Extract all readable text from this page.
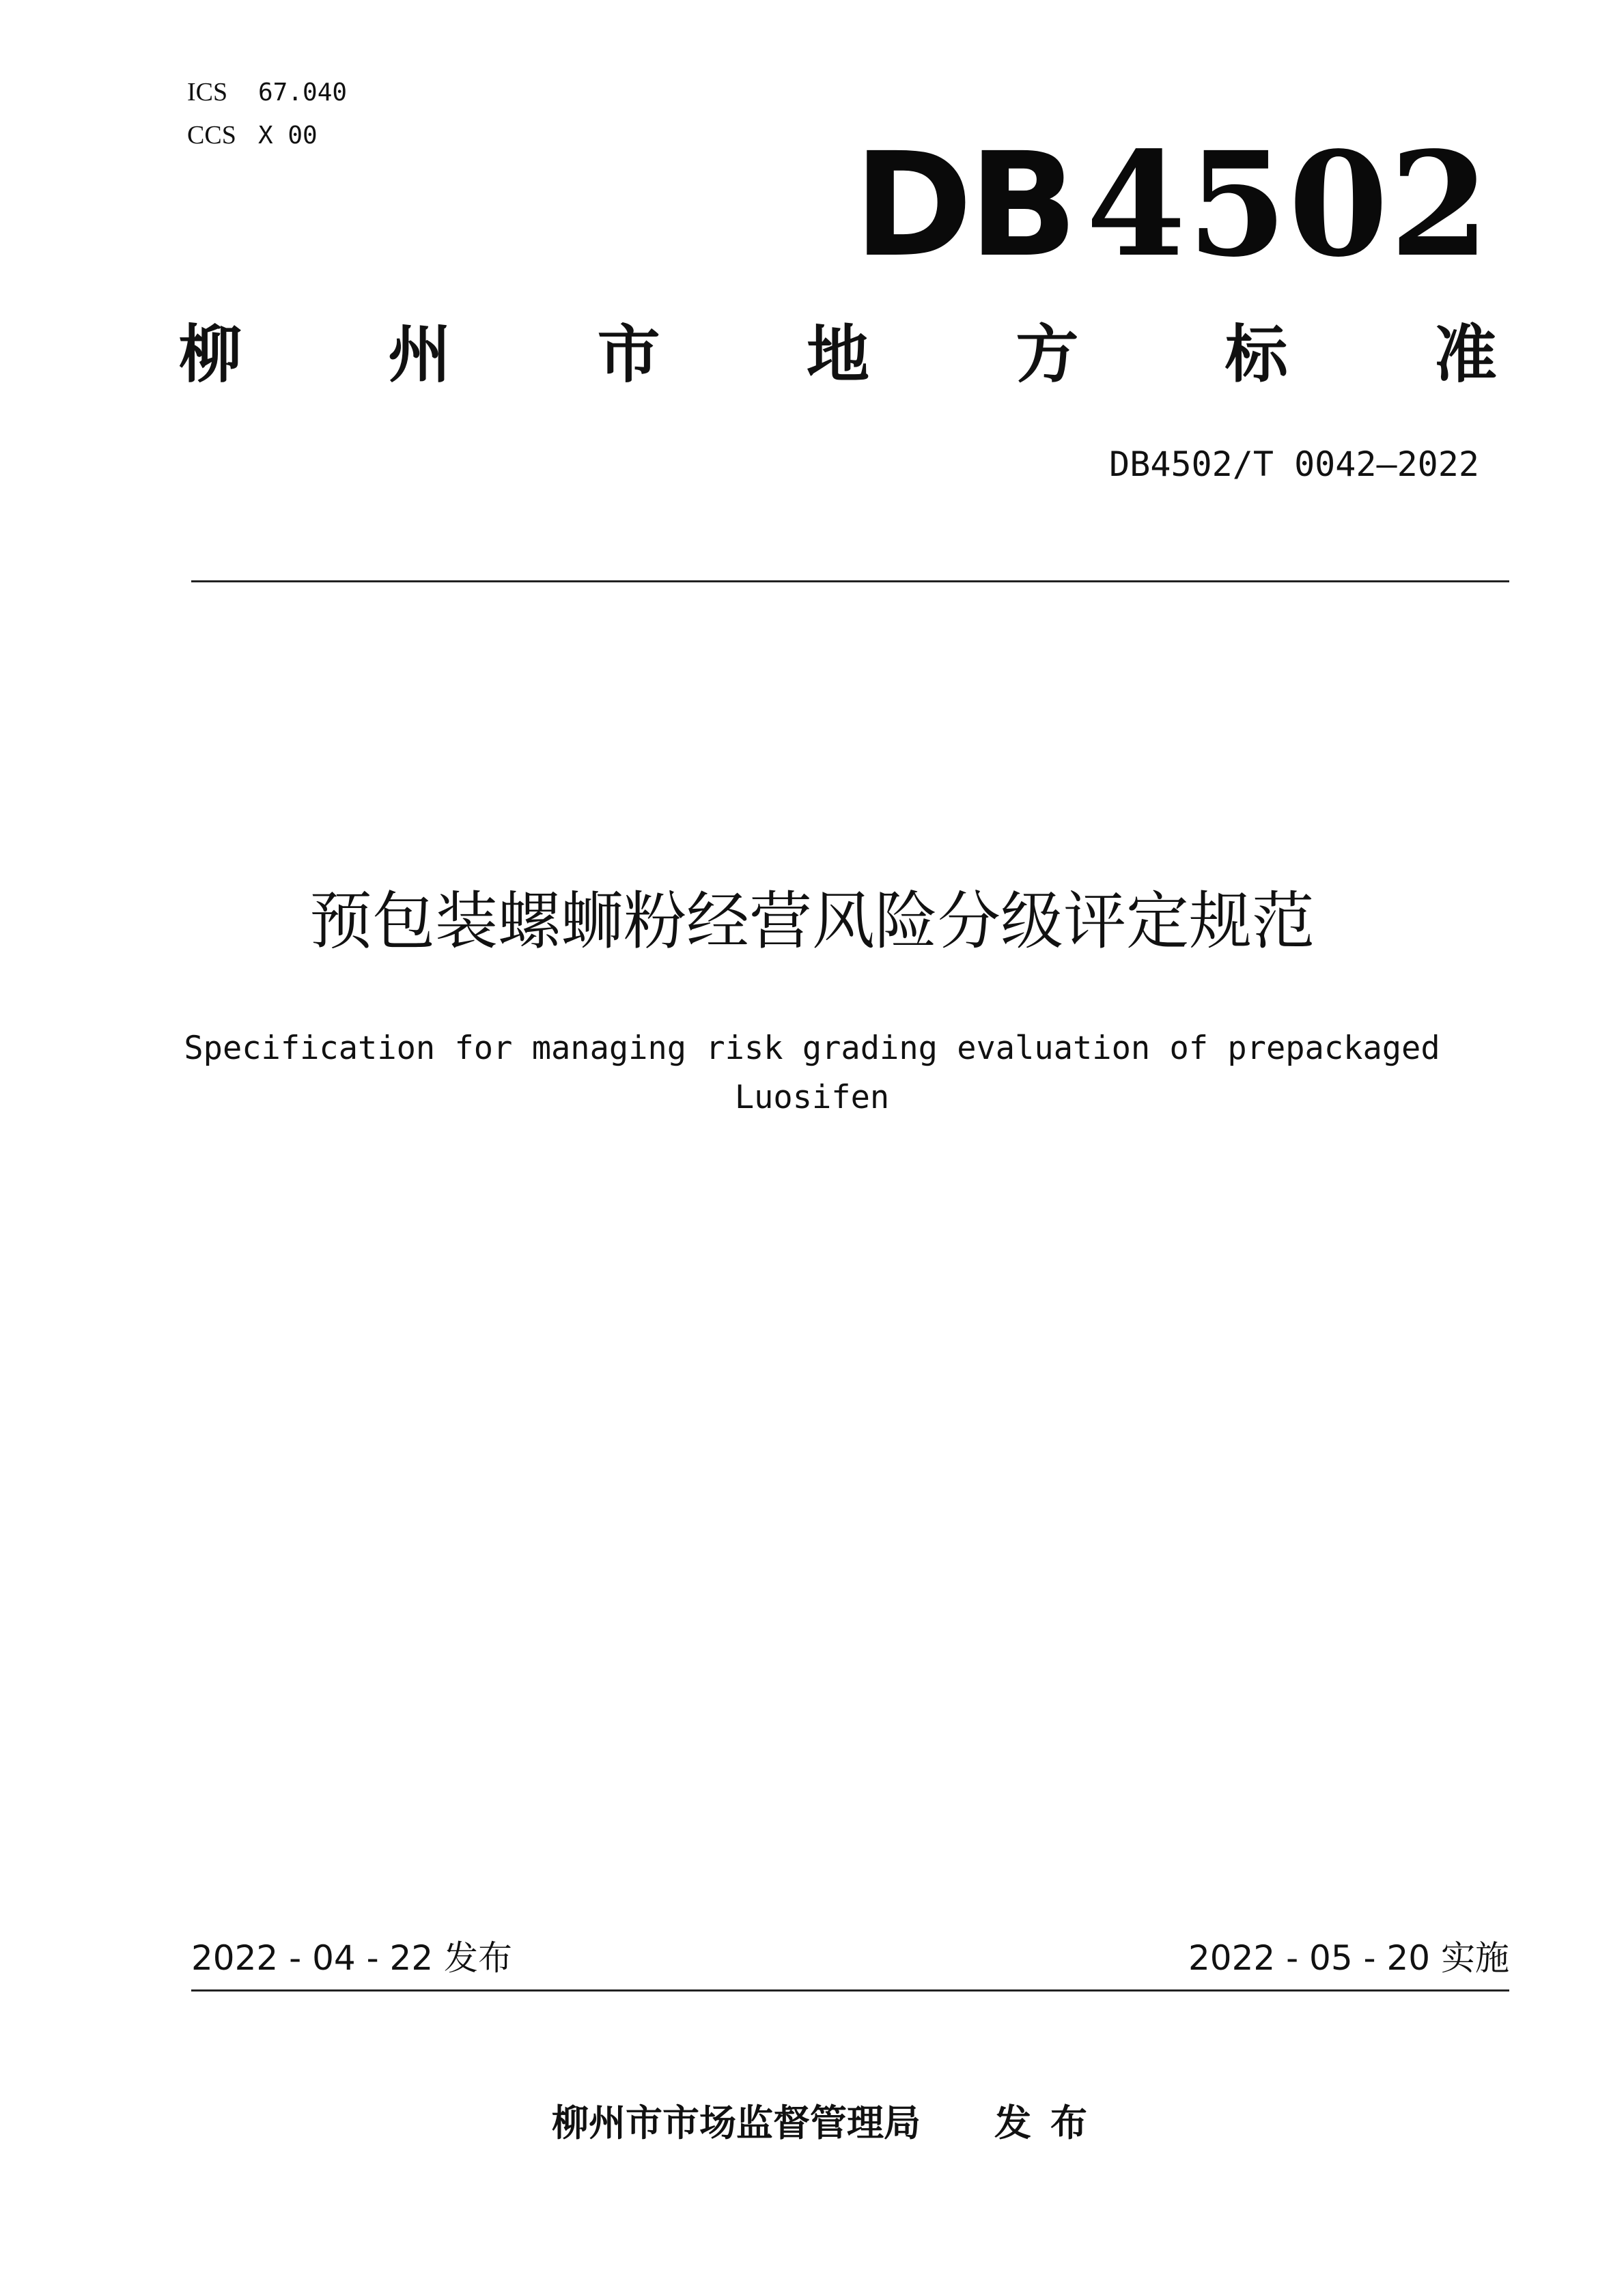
ICS 67.040
CCS X 00	DB4502
柳 州 市 地 方 标 准
DB4502/T 0042—2022
预包装螺蛳粉经营风险分级评定规范
Specification for managing risk grading evaluation of prepackaged
Luosifen
2022 - 04 - 22 发布	2022 - 05 - 20 实施
柳州市市场监督管理局 发布
